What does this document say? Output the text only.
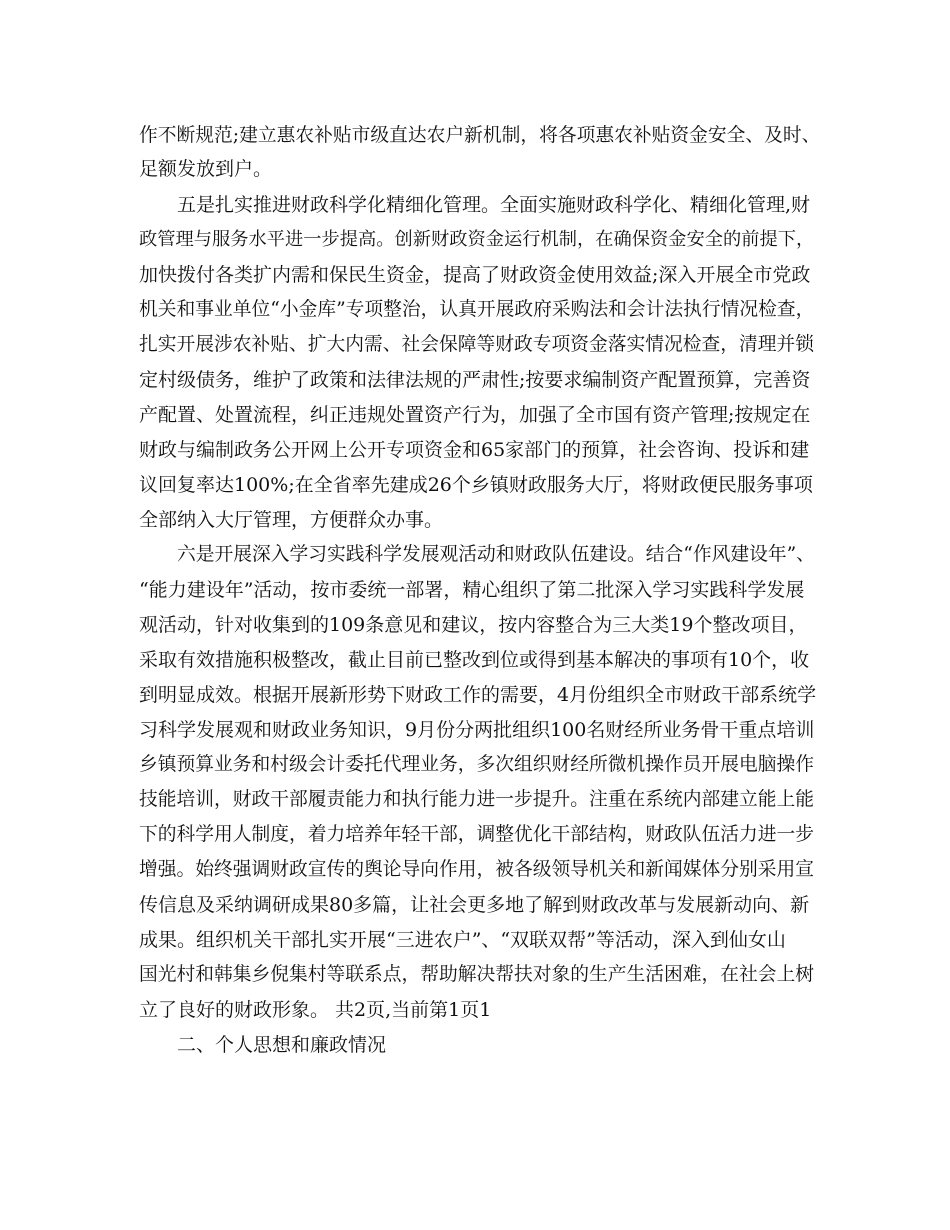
作不断规范;建立惠农补贴市级直达农户新机制，将各项惠农补贴资金安全、及时、
足额发放到户。
五是扎实推进财政科学化精细化管理。全面实施财政科学化、精细化管理,财
政管理与服务水平进一步提高。创新财政资金运行机制，在确保资金安全的前提下，
加快拨付各类扩内需和保民生资金，提高了财政资金使用效益;深入开展全市党政
机关和事业单位“小金库”专项整治，认真开展政府采购法和会计法执行情况检查，
扎实开展涉农补贴、扩大内需、社会保障等财政专项资金落实情况检查，清理并锁
定村级债务，维护了政策和法律法规的严肃性;按要求编制资产配置预算，完善资
产配置、处置流程，纠正违规处置资产行为，加强了全市国有资产管理;按规定在
财政与编制政务公开网上公开专项资金和65家部门的预算，社会咨询、投诉和建
议回复率达100%;在全省率先建成26个乡镇财政服务大厅，将财政便民服务事项
全部纳入大厅管理，方便群众办事。
六是开展深入学习实践科学发展观活动和财政队伍建设。结合“作风建设年”、
“能力建设年”活动，按市委统一部署，精心组织了第二批深入学习实践科学发展
观活动，针对收集到的109条意见和建议，按内容整合为三大类19个整改项目，
采取有效措施积极整改，截止目前已整改到位或得到基本解决的事项有10个，收
到明显成效。根据开展新形势下财政工作的需要，4月份组织全市财政干部系统学
习科学发展观和财政业务知识，9月份分两批组织100名财经所业务骨干重点培训
乡镇预算业务和村级会计委托代理业务，多次组织财经所微机操作员开展电脑操作
技能培训，财政干部履责能力和执行能力进一步提升。注重在系统内部建立能上能
下的科学用人制度，着力培养年轻干部，调整优化干部结构，财政队伍活力进一步
增强。始终强调财政宣传的舆论导向作用，被各级领导机关和新闻媒体分别采用宣
传信息及采纳调研成果80多篇，让社会更多地了解到财政改革与发展新动向、新
成果。组织机关干部扎实开展“三进农户”、“双联双帮”等活动，深入到仙女山
国光村和韩集乡倪集村等联系点，帮助解决帮扶对象的生产生活困难，在社会上树
立了良好的财政形象。 共2页,当前第1页1
二、个人思想和廉政情况
